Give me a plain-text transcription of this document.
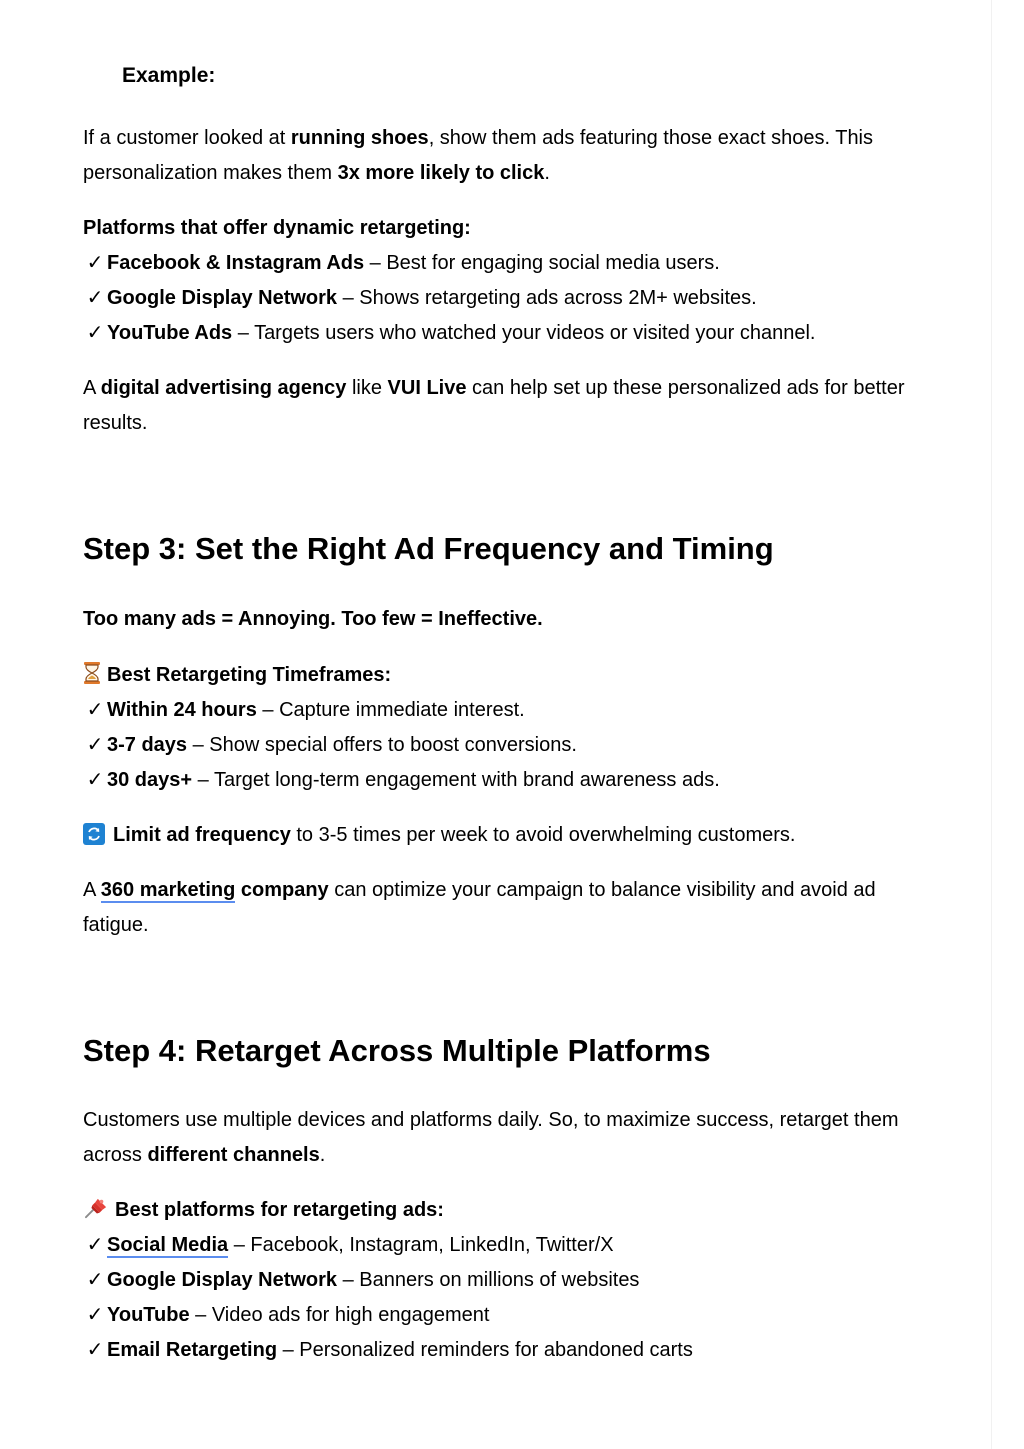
Example:

If a customer looked at running shoes, show them ads featuring those exact shoes. This

personalization makes them 3x more likely to click.

Platforms that offer dynamic retargeting:

✓ Facebook & Instagram Ads – Best for engaging social media users.

✓ Google Display Network – Shows retargeting ads across 2M+ websites.

✓ YouTube Ads – Targets users who watched your videos or visited your channel.

A digital advertising agency like VUI Live can help set up these personalized ads for better

results.

Step 3: Set the Right Ad Frequency and Timing

Too many ads = Annoying. Too few = Ineffective.

Best Retargeting Timeframes:

✓ Within 24 hours – Capture immediate interest.

✓ 3-7 days – Show special offers to boost conversions.

✓ 30 days+ – Target long-term engagement with brand awareness ads.

Limit ad frequency to 3-5 times per week to avoid overwhelming customers.

A 360 marketing company can optimize your campaign to balance visibility and avoid ad

fatigue.

Step 4: Retarget Across Multiple Platforms

Customers use multiple devices and platforms daily. So, to maximize success, retarget them

across different channels.

Best platforms for retargeting ads:

✓ Social Media – Facebook, Instagram, LinkedIn, Twitter/X

✓ Google Display Network – Banners on millions of websites

✓ YouTube – Video ads for high engagement

✓ Email Retargeting – Personalized reminders for abandoned carts
